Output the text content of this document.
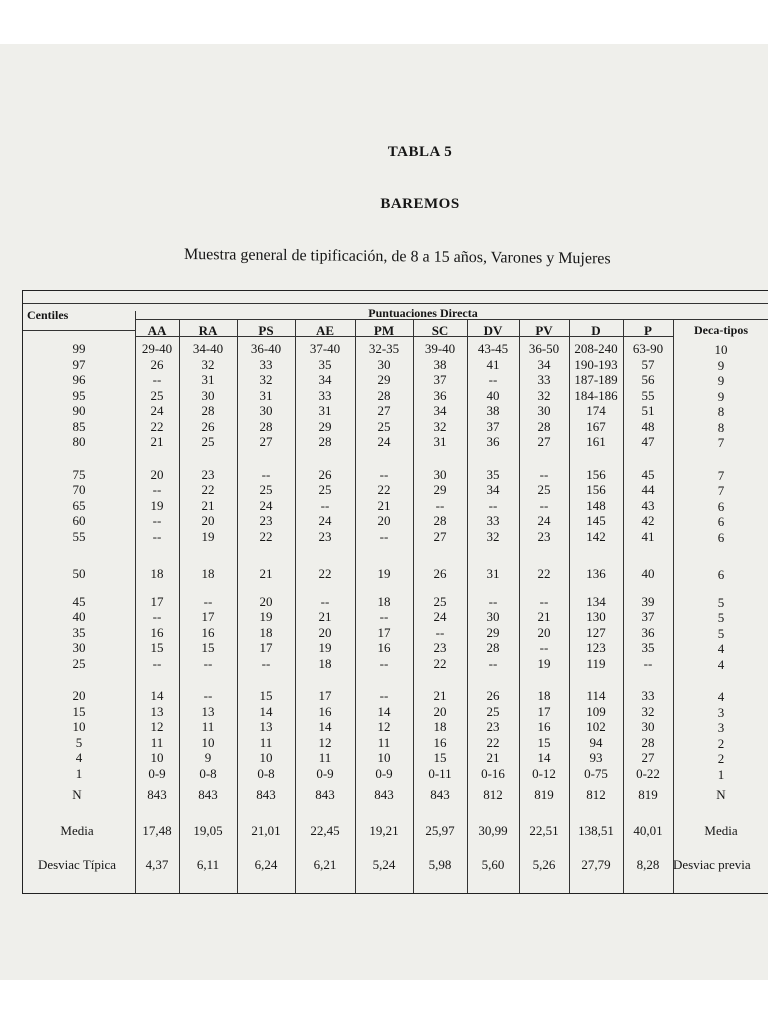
TABLA 5
BAREMOS
Muestra general de tipificación, de 8 a 15 años, Varones y Mujeres
Centiles	Puntuaciones Directa
Deca-tipos
AA	RA	PS	AE	PM	SC	DV	PV	D	P
99	29-40	34-40	36-40	37-40	32-35	39-40	43-45	36-50	208-240	63-90	10
97	26	32	33	35	30	38	41	34	190-193	57	9
96	--	31	32	34	29	37	--	33	187-189	56	9
95	25	30	31	33	28	36	40	32	184-186	55	9
90	24	28	30	31	27	34	38	30	174	51	8
85	22	26	28	29	25	32	37	28	167	48	8
80	21	25	27	28	24	31	36	27	161	47	7
75	20	23	--	26	--	30	35	--	156	45	7
70	--	22	25	25	22	29	34	25	156	44	7
65	19	21	24	--	21	--	--	--	148	43	6
60	--	20	23	24	20	28	33	24	145	42	6
55	--	19	22	23	--	27	32	23	142	41	6
50	18	18	21	22	19	26	31	22	136	40	6
45	17	--	20	--	18	25	--	--	134	39	5
40	--	17	19	21	--	24	30	21	130	37	5
35	16	16	18	20	17	--	29	20	127	36	5
30	15	15	17	19	16	23	28	--	123	35	4
25	--	--	--	18	--	22	--	19	119	--	4
20	14	--	15	17	--	21	26	18	114	33	4
15	13	13	14	16	14	20	25	17	109	32	3
10	12	11	13	14	12	18	23	16	102	30	3
5	11	10	11	12	11	16	22	15	94	28	2
4	10	9	10	11	10	15	21	14	93	27	2
1	0-9	0-8	0-8	0-9	0-9	0-11	0-16	0-12	0-75	0-22	1
N	843	843	843	843	843	843	812	819	812	819	N
Media	17,48	19,05	21,01	22,45	19,21	25,97	30,99	22,51	138,51	40,01	Media
Desviac Típica	4,37	6,11	6,24	6,21	5,24	5,98	5,60	5,26	27,79	8,28	Desviac previa
